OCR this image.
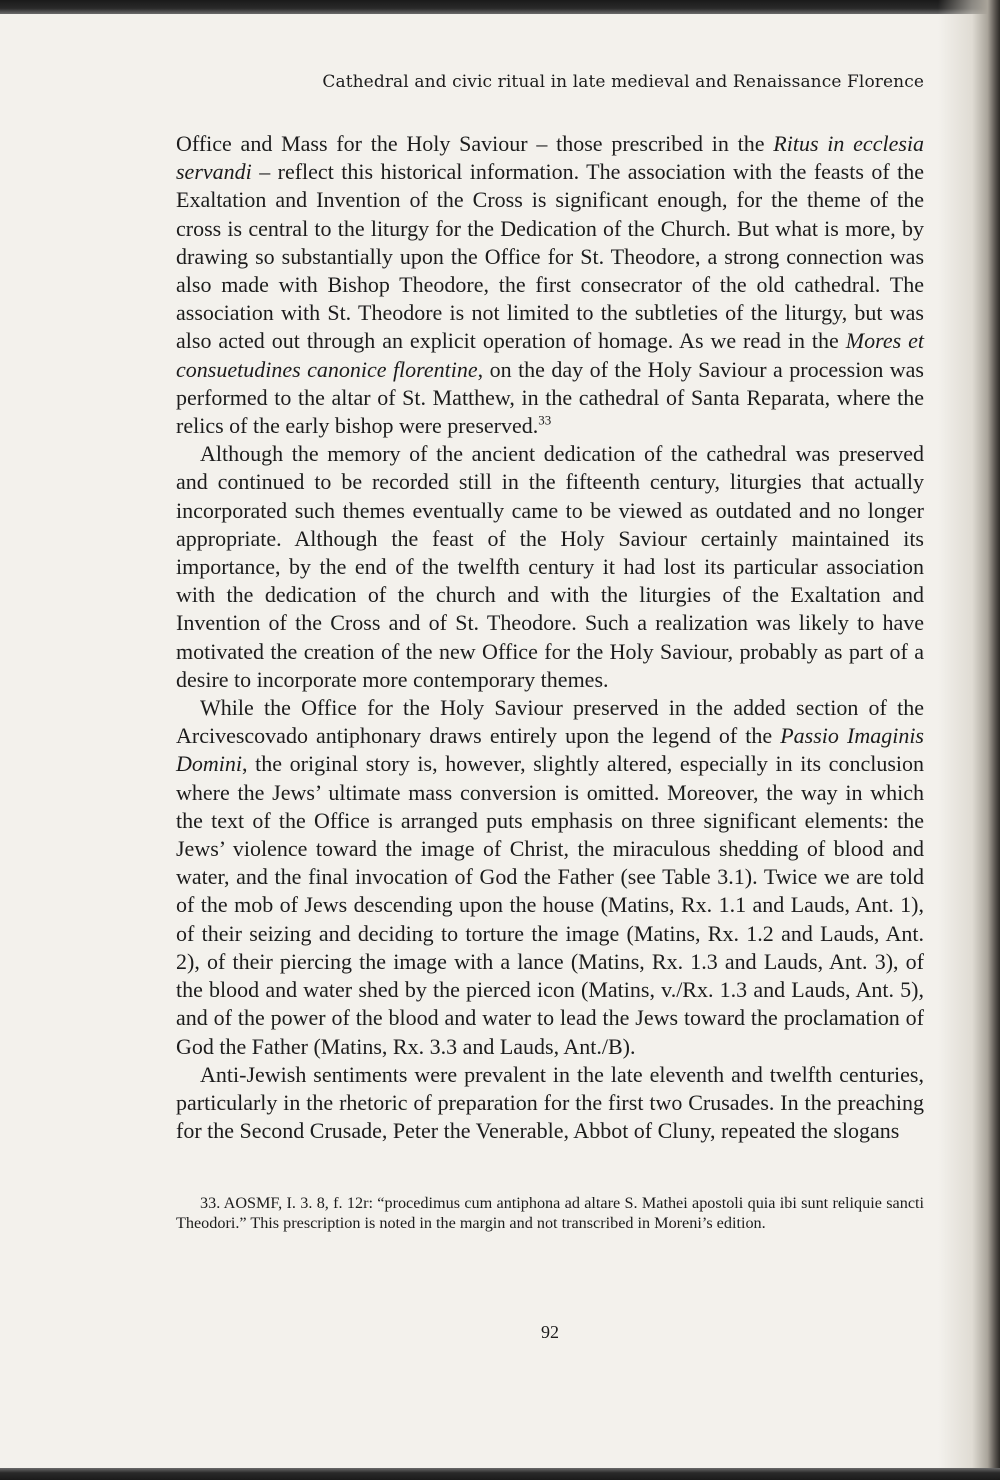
Cathedral and civic ritual in late medieval and Renaissance Florence

Office and Mass for the Holy Saviour – those prescribed in the Ritus in ecclesia servandi – reflect this historical information. The association with the feasts of the Exaltation and Invention of the Cross is significant enough, for the theme of the cross is central to the liturgy for the Dedication of the Church. But what is more, by drawing so substantially upon the Office for St. Theodore, a strong connection was also made with Bishop Theodore, the first consecrator of the old cathedral. The association with St. Theodore is not limited to the subtleties of the liturgy, but was also acted out through an explicit operation of homage. As we read in the Mores et consuetudines canonice florentine, on the day of the Holy Saviour a procession was performed to the altar of St. Matthew, in the cathedral of Santa Reparata, where the relics of the early bishop were preserved.$^{33}$

Although the memory of the ancient dedication of the cathedral was preserved and continued to be recorded still in the fifteenth century, liturgies that actually incorporated such themes eventually came to be viewed as outdated and no longer appropriate. Although the feast of the Holy Saviour certainly maintained its importance, by the end of the twelfth century it had lost its particular association with the dedication of the church and with the liturgies of the Exaltation and Invention of the Cross and of St. Theodore. Such a realization was likely to have motivated the creation of the new Office for the Holy Saviour, probably as part of a desire to incorporate more contemporary themes.

While the Office for the Holy Saviour preserved in the added section of the Arcivescovado antiphonary draws entirely upon the legend of the Passio Imaginis Domini, the original story is, however, slightly altered, especially in its conclusion where the Jews’ ultimate mass conversion is omitted. Moreover, the way in which the text of the Office is arranged puts emphasis on three significant elements: the Jews’ violence toward the image of Christ, the miraculous shedding of blood and water, and the final invocation of God the Father (see Table 3.1). Twice we are told of the mob of Jews descending upon the house (Matins, Rx. 1.1 and Lauds, Ant. 1), of their seizing and deciding to torture the image (Matins, Rx. 1.2 and Lauds, Ant. 2), of their piercing the image with a lance (Matins, Rx. 1.3 and Lauds, Ant. 3), of the blood and water shed by the pierced icon (Matins, v./Rx. 1.3 and Lauds, Ant. 5), and of the power of the blood and water to lead the Jews toward the proclamation of God the Father (Matins, Rx. 3.3 and Lauds, Ant./B).

Anti-Jewish sentiments were prevalent in the late eleventh and twelfth centuries, particularly in the rhetoric of preparation for the first two Crusades. In the preaching for the Second Crusade, Peter the Venerable, Abbot of Cluny, repeated the slogans

33. AOSMF, I. 3. 8, f. 12r: “procedimus cum antiphona ad altare S. Mathei apostoli quia ibi sunt reliquie sancti Theodori.” This prescription is noted in the margin and not transcribed in Moreni’s edition.

92
